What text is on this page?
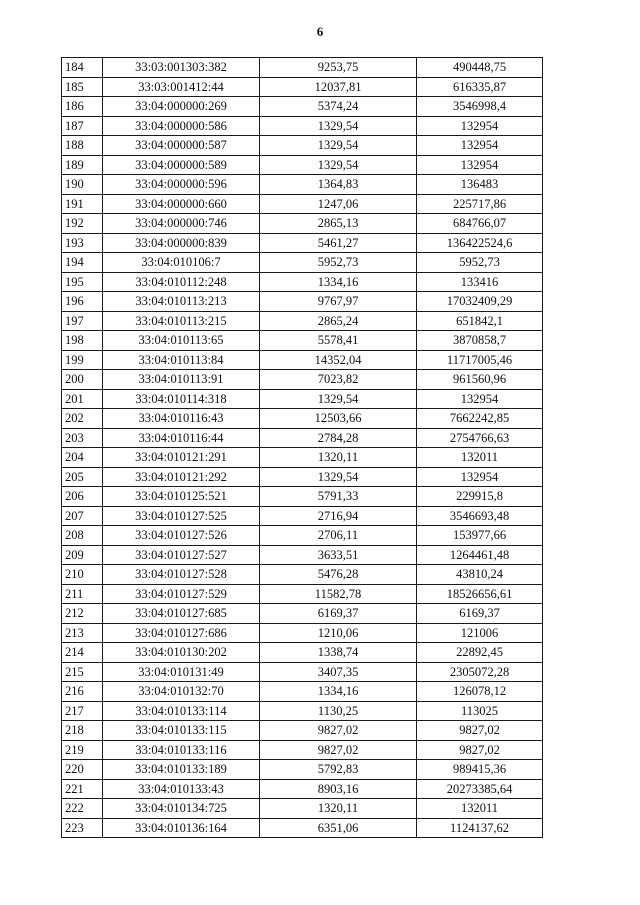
6
184	33:03:001303:382	9253,75	490448,75
185	33:03:001412:44	12037,81	616335,87
186	33:04:000000:269	5374,24	3546998,4
187	33:04:000000:586	1329,54	132954
188	33:04:000000:587	1329,54	132954
189	33:04:000000:589	1329,54	132954
190	33:04:000000:596	1364,83	136483
191	33:04:000000:660	1247,06	225717,86
192	33:04:000000:746	2865,13	684766,07
193	33:04:000000:839	5461,27	136422524,6
194	33:04:010106:7	5952,73	5952,73
195	33:04:010112:248	1334,16	133416
196	33:04:010113:213	9767,97	17032409,29
197	33:04:010113:215	2865,24	651842,1
198	33:04:010113:65	5578,41	3870858,7
199	33:04:010113:84	14352,04	11717005,46
200	33:04:010113:91	7023,82	961560,96
201	33:04:010114:318	1329,54	132954
202	33:04:010116:43	12503,66	7662242,85
203	33:04:010116:44	2784,28	2754766,63
204	33:04:010121:291	1320,11	132011
205	33:04:010121:292	1329,54	132954
206	33:04:010125:521	5791,33	229915,8
207	33:04:010127:525	2716,94	3546693,48
208	33:04:010127:526	2706,11	153977,66
209	33:04:010127:527	3633,51	1264461,48
210	33:04:010127:528	5476,28	43810,24
211	33:04:010127:529	11582,78	18526656,61
212	33:04:010127:685	6169,37	6169,37
213	33:04:010127:686	1210,06	121006
214	33:04:010130:202	1338,74	22892,45
215	33:04:010131:49	3407,35	2305072,28
216	33:04:010132:70	1334,16	126078,12
217	33:04:010133:114	1130,25	113025
218	33:04:010133:115	9827,02	9827,02
219	33:04:010133:116	9827,02	9827,02
220	33:04:010133:189	5792,83	989415,36
221	33:04:010133:43	8903,16	20273385,64
222	33:04:010134:725	1320,11	132011
223	33:04:010136:164	6351,06	1124137,62
